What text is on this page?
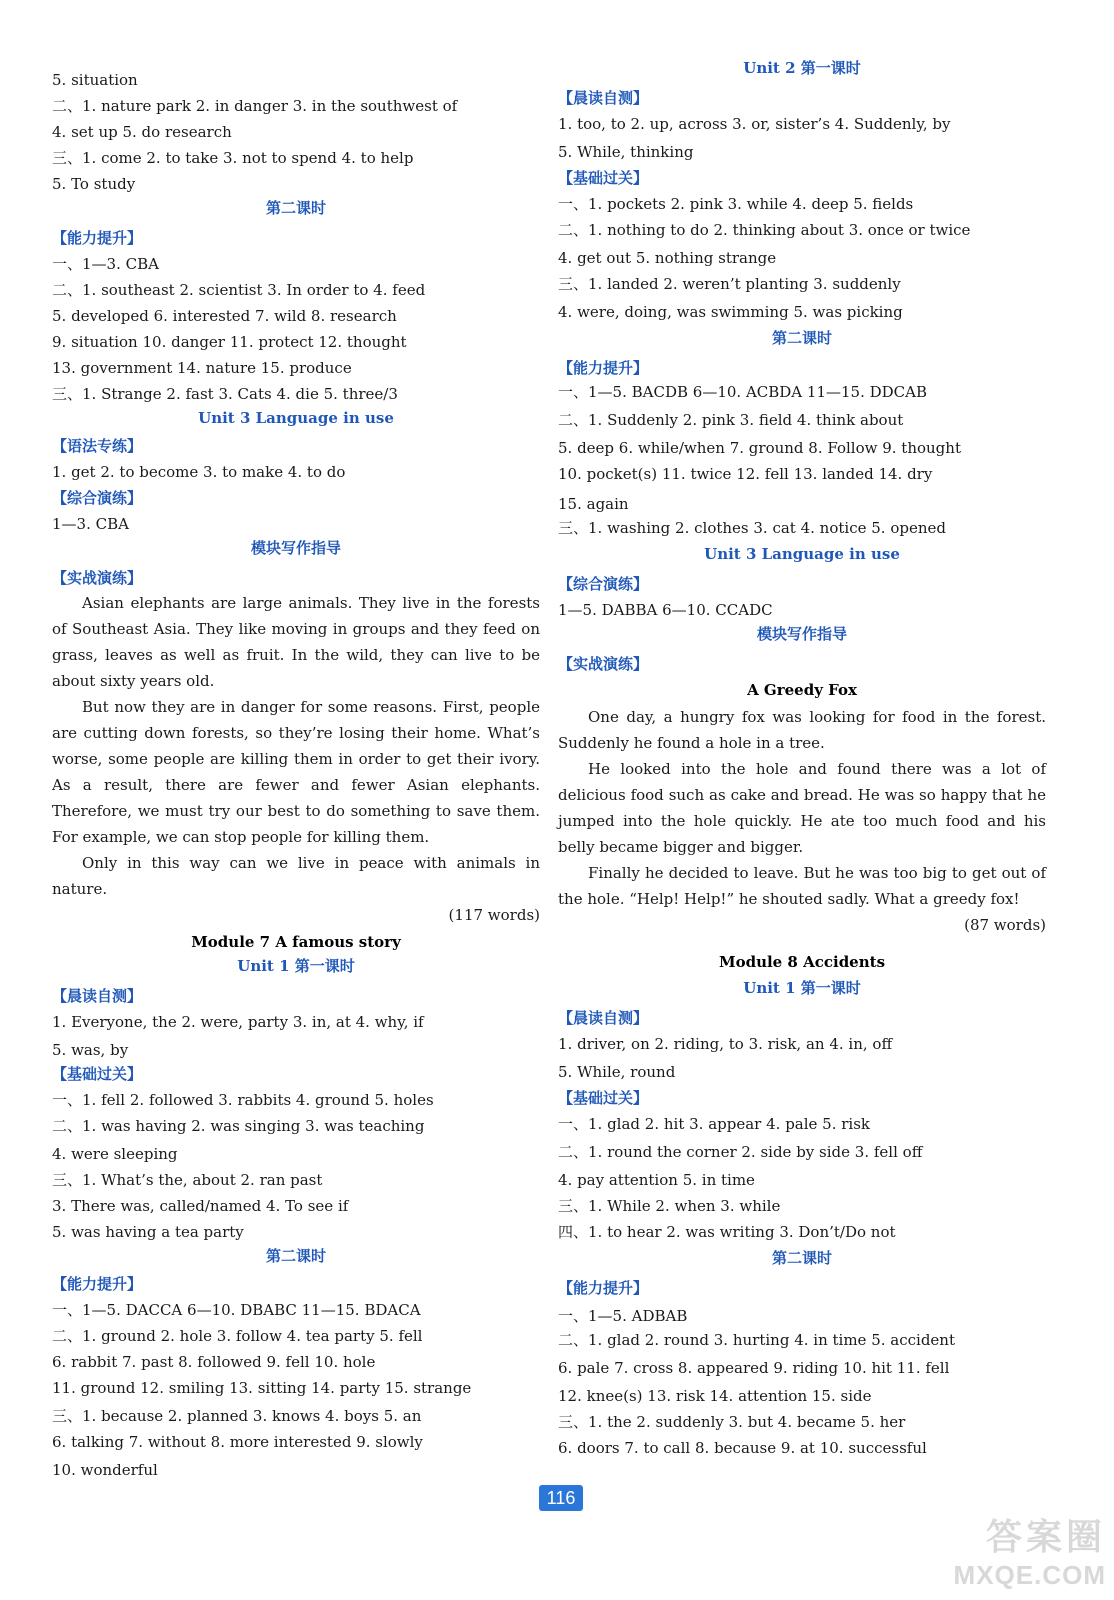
5. situation
二、1. nature park 2. in danger 3. in the southwest of
4. set up 5. do research
三、1. come 2. to take 3. not to spend 4. to help
5. To study
第二课时
【能力提升】
一、1—3. CBA
二、1. southeast 2. scientist 3. In order to 4. feed
5. developed 6. interested 7. wild 8. research
9. situation 10. danger 11. protect 12. thought
13. government 14. nature 15. produce
三、1. Strange 2. fast 3. Cats 4. die 5. three/3
Unit 3 Language in use
【语法专练】
1. get 2. to become 3. to make 4. to do
【综合演练】
1—3. CBA
模块写作指导
【实战演练】

Asian elephants are large animals. They live in the forests of Southeast Asia. They like moving in groups and they feed on grass, leaves as well as fruit. In the wild, they can live to be about sixty years old.

But now they are in danger for some reasons. First, people are cutting down forests, so they’re losing their home. What’s worse, some people are killing them in order to get their ivory. As a result, there are fewer and fewer Asian elephants. Therefore, we must try our best to do something to save them. For example, we can stop people for killing them.

Only in this way can we live in peace with animals in nature.

(117 words)
Module 7 A famous story
Unit 1 第一课时
【晨读自测】
1. Everyone, the 2. were, party 3. in, at 4. why, if
5. was, by
【基础过关】
一、1. fell 2. followed 3. rabbits 4. ground 5. holes
二、1. was having 2. was singing 3. was teaching
4. were sleeping
三、1. What’s the, about 2. ran past
3. There was, called/named 4. To see if
5. was having a tea party
第二课时
【能力提升】
一、1—5. DACCA 6—10. DBABC 11—15. BDACA
二、1. ground 2. hole 3. follow 4. tea party 5. fell
6. rabbit 7. past 8. followed 9. fell 10. hole
11. ground 12. smiling 13. sitting 14. party 15. strange
三、1. because 2. planned 3. knows 4. boys 5. an
6. talking 7. without 8. more interested 9. slowly
10. wonderful
Unit 2 第一课时
【晨读自测】
1. too, to 2. up, across 3. or, sister’s 4. Suddenly, by
5. While, thinking
【基础过关】
一、1. pockets 2. pink 3. while 4. deep 5. fields
二、1. nothing to do 2. thinking about 3. once or twice
4. get out 5. nothing strange
三、1. landed 2. weren’t planting 3. suddenly
4. were, doing, was swimming 5. was picking
第二课时
【能力提升】
一、1—5. BACDB 6—10. ACBDA 11—15. DDCAB
二、1. Suddenly 2. pink 3. field 4. think about
5. deep 6. while/when 7. ground 8. Follow 9. thought
10. pocket(s) 11. twice 12. fell 13. landed 14. dry
15. again
三、1. washing 2. clothes 3. cat 4. notice 5. opened
Unit 3 Language in use
【综合演练】
1—5. DABBA 6—10. CCADC
模块写作指导
【实战演练】
A Greedy Fox

One day, a hungry fox was looking for food in the forest. Suddenly he found a hole in a tree.

He looked into the hole and found there was a lot of delicious food such as cake and bread. He was so happy that he jumped into the hole quickly. He ate too much food and his belly became bigger and bigger.

Finally he decided to leave. But he was too big to get out of the hole. “Help! Help!” he shouted sadly. What a greedy fox!

(87 words)
Module 8 Accidents
Unit 1 第一课时
【晨读自测】
1. driver, on 2. riding, to 3. risk, an 4. in, off
5. While, round
【基础过关】
一、1. glad 2. hit 3. appear 4. pale 5. risk
二、1. round the corner 2. side by side 3. fell off
4. pay attention 5. in time
三、1. While 2. when 3. while
四、1. to hear 2. was writing 3. Don’t/Do not
第二课时
【能力提升】
一、1—5. ADBAB
二、1. glad 2. round 3. hurting 4. in time 5. accident
6. pale 7. cross 8. appeared 9. riding 10. hit 11. fell
12. knee(s) 13. risk 14. attention 15. side
三、1. the 2. suddenly 3. but 4. became 5. her
6. doors 7. to call 8. because 9. at 10. successful
116
答案圈
MXQE.COM
